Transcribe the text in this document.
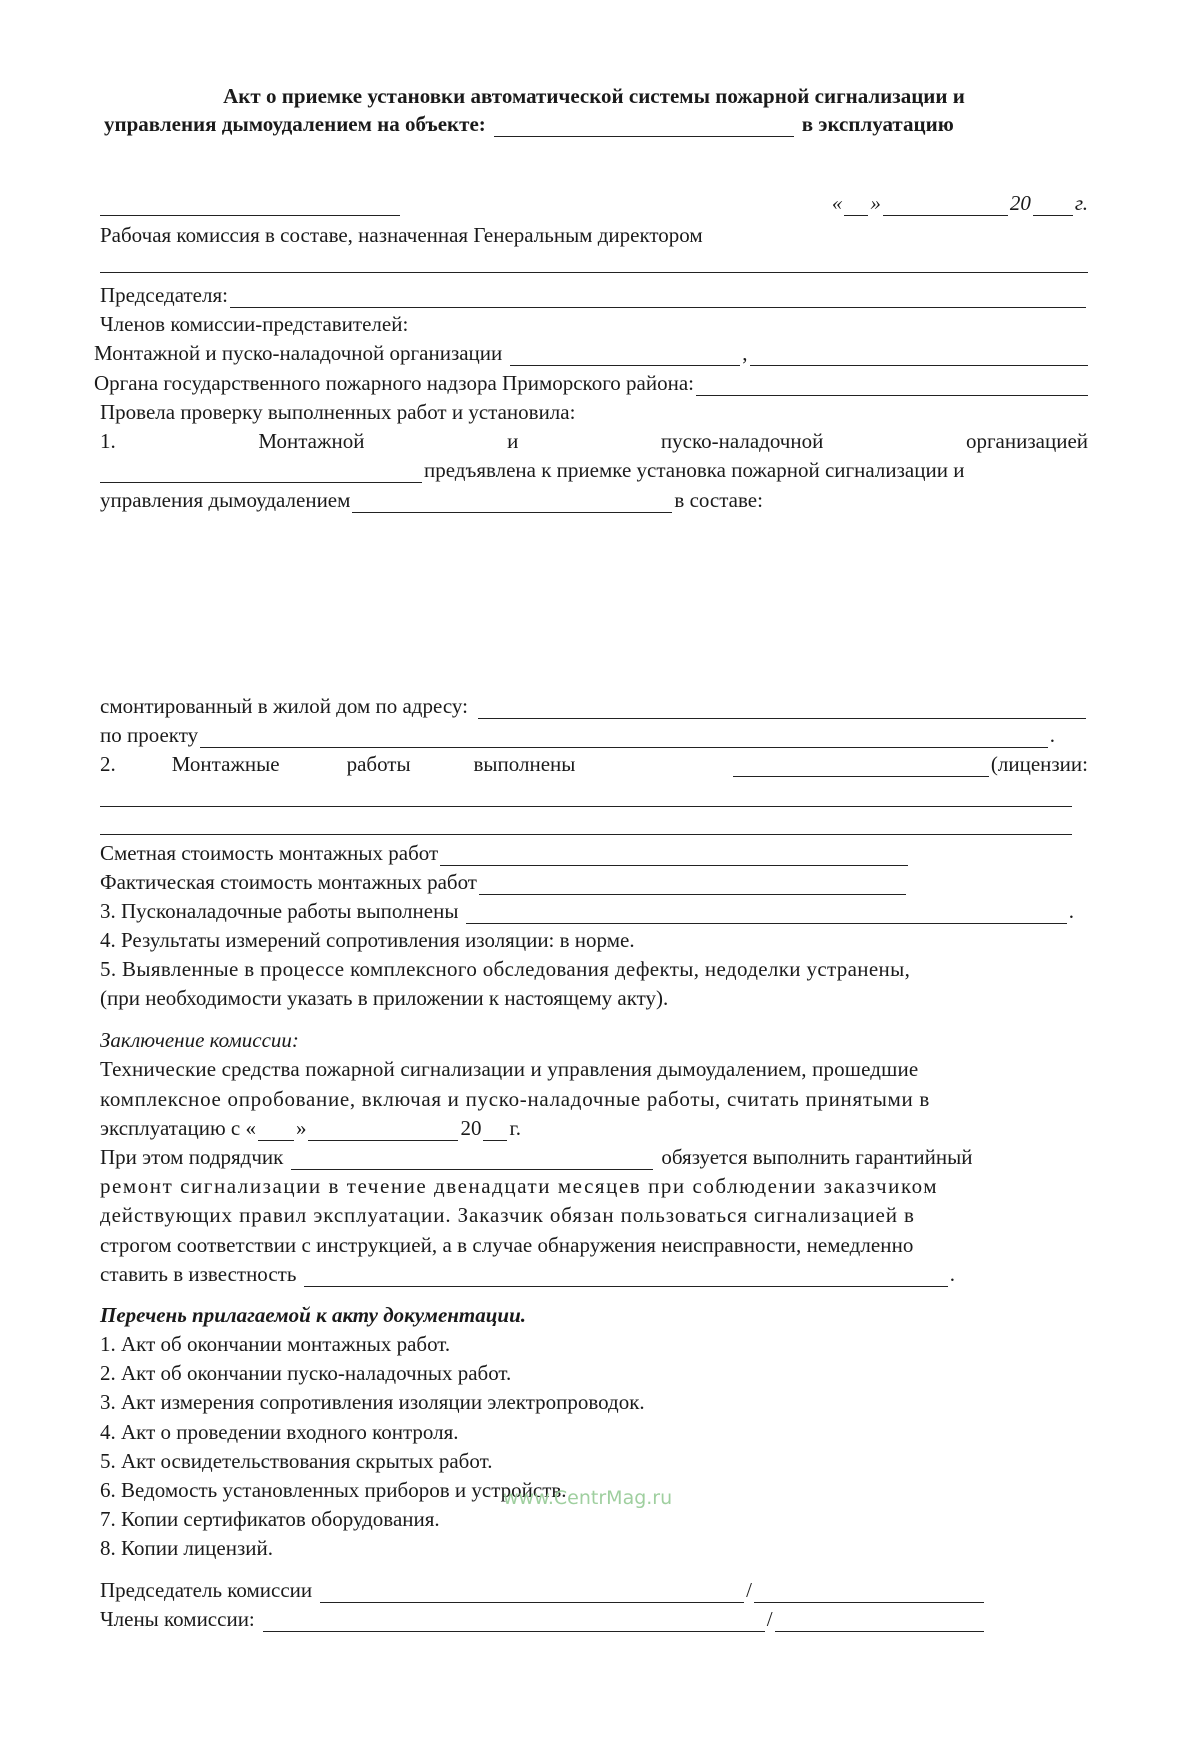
Акт о приемке установки автоматической системы пожарной сигнализации и
управления дымоудалением на объекте:	в эксплуатацию
« »	20 г.
Рабочая комиссия в составе, назначенная Генеральным директором
Председателя:
Членов комиссии-представителей:
Монтажной и пуско-наладочной организации	,
Органа государственного пожарного надзора Приморского района:
Провела проверку выполненных работ и установила:
1.	Монтажной	и	пуско-наладочной	организацией
предъявлена к приемке установка пожарной сигнализации и
управления дымоудалением	в составе:
смонтированный в жилой дом по адресу:
по проекту	.
2.	Монтажные	работы	выполнены	(лицензии:
Сметная стоимость монтажных работ
Фактическая стоимость монтажных работ
3. Пусконаладочные работы выполнены	.
4. Результаты измерений сопротивления изоляции: в норме.
5. Выявленные в процессе комплексного обследования дефекты, недоделки устранены,
(при необходимости указать в приложении к настоящему акту).
Заключение комиссии:
Технические средства пожарной сигнализации и управления дымоудалением, прошедшие
комплексное опробование, включая и пуско-наладочные работы, считать принятыми в
эксплуатацию с « »	20 г.
При этом подрядчик	обязуется выполнить гарантийный
ремонт сигнализации в течение двенадцати месяцев при соблюдении заказчиком
действующих правил эксплуатации. Заказчик обязан пользоваться сигнализацией в
строгом соответствии с инструкцией, а в случае обнаружения неисправности, немедленно
ставить в известность	.
Перечень прилагаемой к акту документации.
1. Акт об окончании монтажных работ.
2. Акт об окончании пуско-наладочных работ.
3. Акт измерения сопротивления изоляции электропроводок.
4. Акт о проведении входного контроля.
5. Акт освидетельствования скрытых работ.
6. Ведомость установленных приборов и устройств.
7. Копии сертификатов оборудования.
8. Копии лицензий.
Председатель комиссии	/
Члены комиссии:	/
www.CentrMag.ru
